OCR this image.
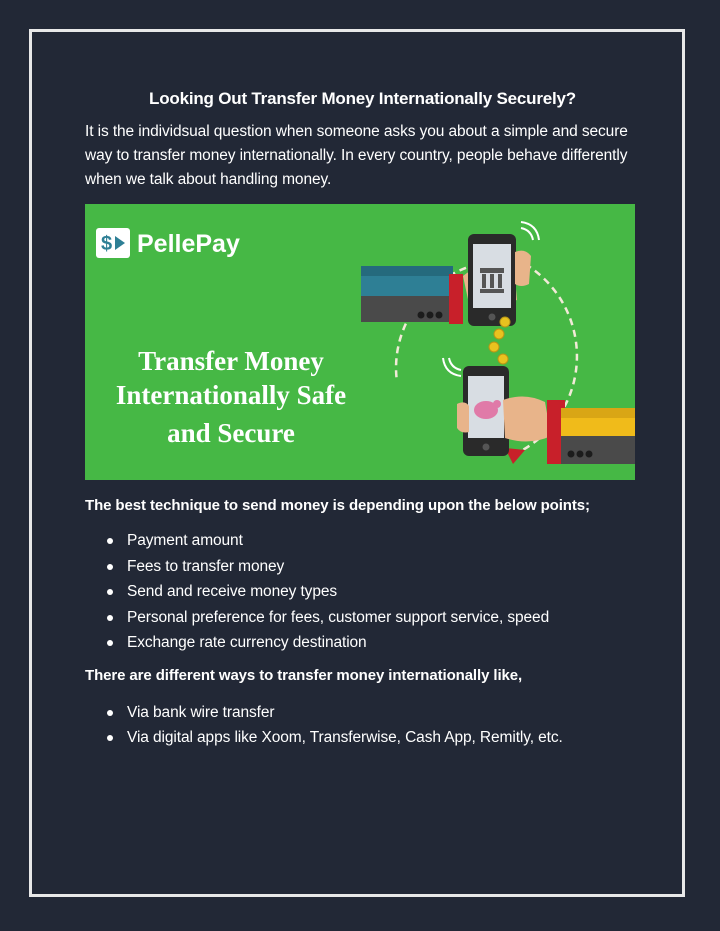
Looking Out Transfer Money Internationally Securely?

It is the individsual question when someone asks you about a simple and secure way to transfer money internationally. In every country, people behave differently when we talk about handling money.

$ PellePay
Transfer Money
Internationally Safe
and Secure

The best technique to send money is depending upon the below points;

Payment amount
Fees to transfer money
Send and receive money types
Personal preference for fees, customer support service, speed
Exchange rate currency destination

There are different ways to transfer money internationally like,

Via bank wire transfer
Via digital apps like Xoom, Transferwise, Cash App, Remitly, etc.
